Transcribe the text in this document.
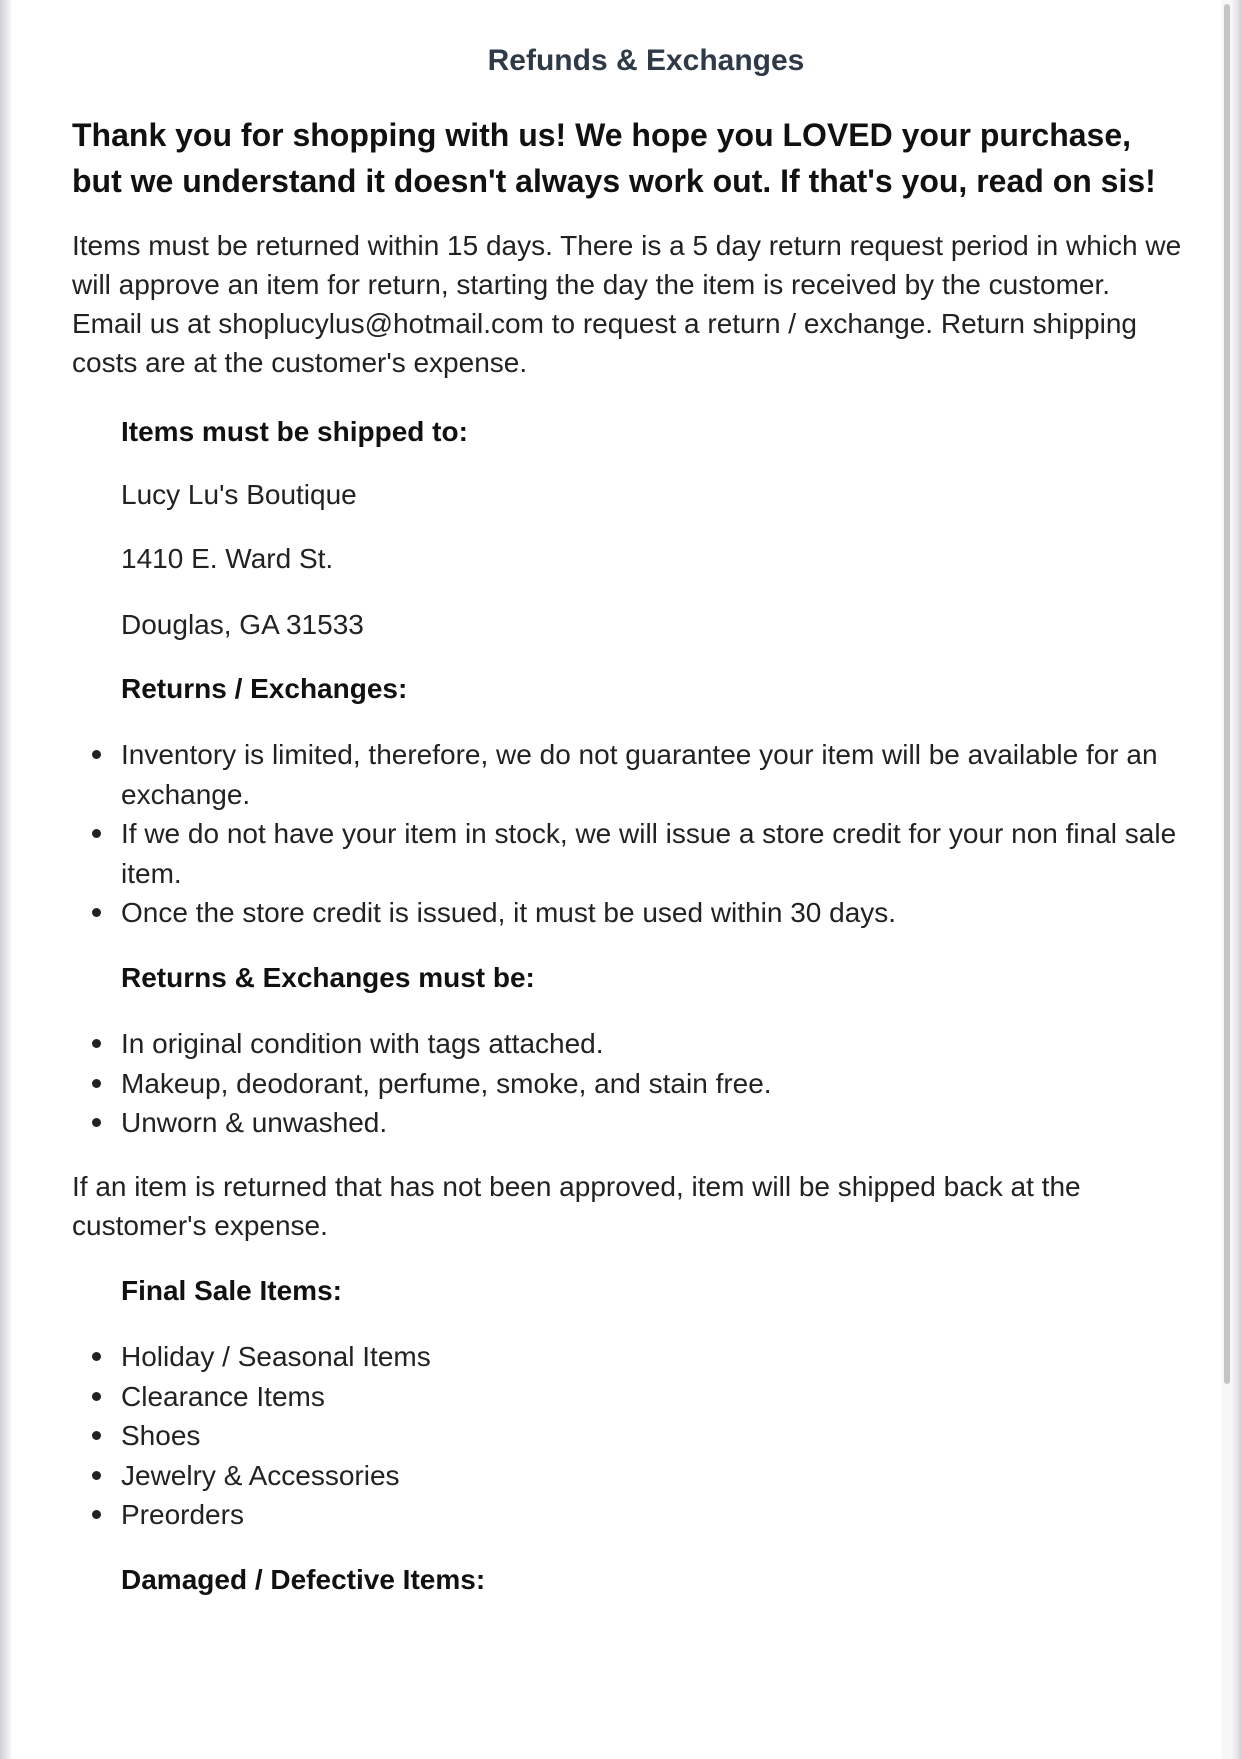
Refunds & Exchanges
Thank you for shopping with us! We hope you LOVED your purchase, but we understand it doesn't always work out. If that's you, read on sis!

Items must be returned within 15 days. There is a 5 day return request period in which we will approve an item for return, starting the day the item is received by the customer. Email us at shoplucylus@hotmail.com to request a return / exchange. Return shipping costs are at the customer's expense.

Items must be shipped to:

Lucy Lu's Boutique

1410 E. Ward St.

Douglas, GA 31533

Returns / Exchanges:
Inventory is limited, therefore, we do not guarantee your item will be available for an exchange.
If we do not have your item in stock, we will issue a store credit for your non final sale item.
Once the store credit is issued, it must be used within 30 days.
Returns & Exchanges must be:
In original condition with tags attached.
Makeup, deodorant, perfume, smoke, and stain free.
Unworn & unwashed.

If an item is returned that has not been approved, item will be shipped back at the customer's expense.

Final Sale Items:
Holiday / Seasonal Items
Clearance Items
Shoes
Jewelry & Accessories
Preorders
Damaged / Defective Items:
